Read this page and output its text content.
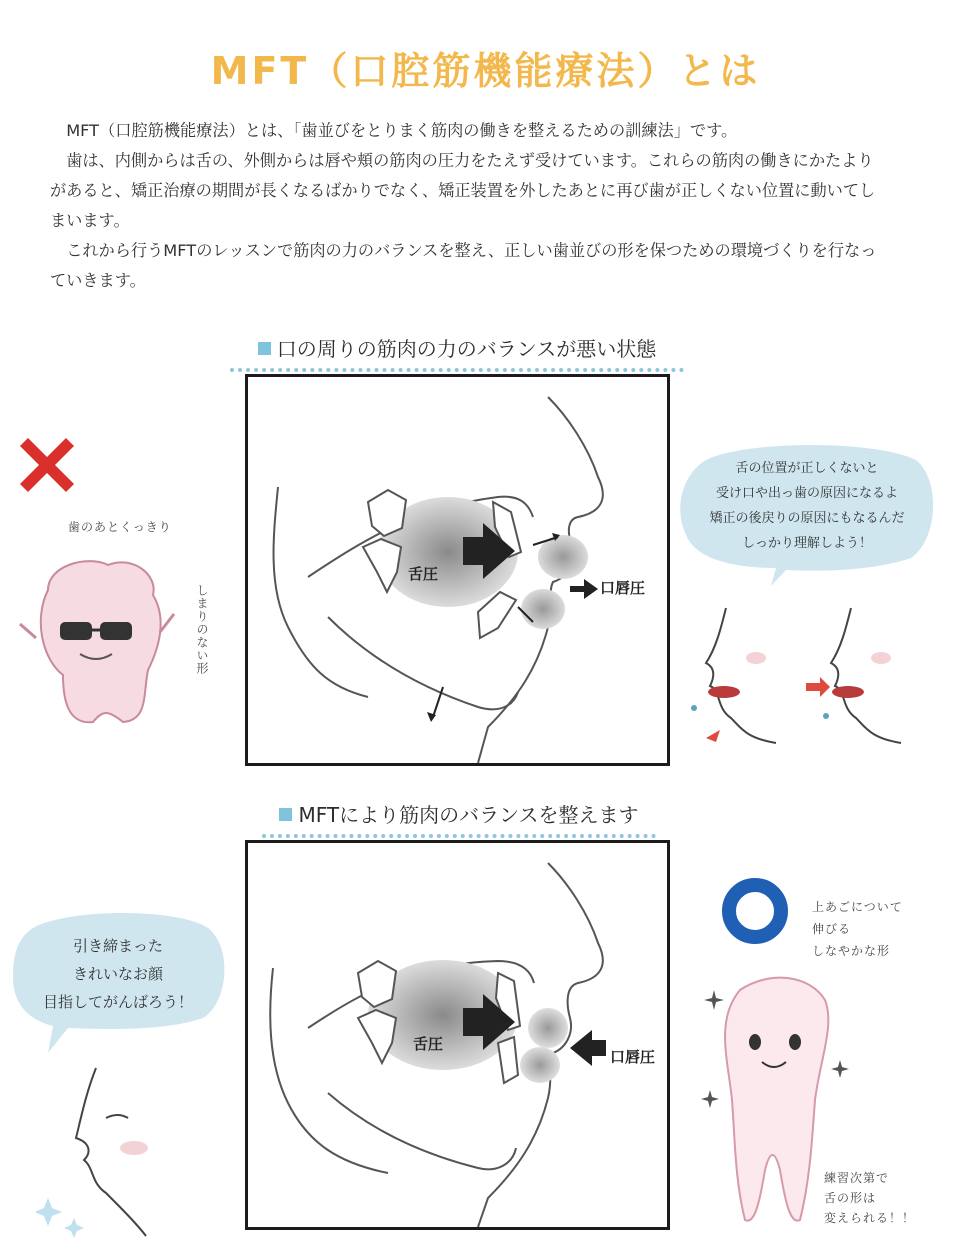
MFT（口腔筋機能療法）とは

MFT（口腔筋機能療法）とは、「歯並びをとりまく筋肉の働きを整えるための訓練法」です。

歯は、内側からは舌の、外側からは唇や頬の筋肉の圧力をたえず受けています。これらの筋肉の働きにかたよりがあると、矯正治療の期間が長くなるばかりでなく、矯正装置を外したあとに再び歯が正しくない位置に動いてしまいます。

これから行うMFTのレッスンで筋肉の力のバランスを整え、正しい歯並びの形を保つための環境づくりを行なっていきます。

口の周りの筋肉の力のバランスが悪い状態
舌圧
口唇圧
歯のあとくっきり
しまりのない形
舌の位置が正しくないと
受け口や出っ歯の原因になるよ
矯正の後戻りの原因にもなるんだ
しっかり理解しよう！
MFTにより筋肉のバランスを整えます
舌圧
口唇圧
引き締まった
きれいなお顔
目指してがんばろう！
上あごについて
伸びる
しなやかな形
練習次第で
舌の形は
変えられる！！
